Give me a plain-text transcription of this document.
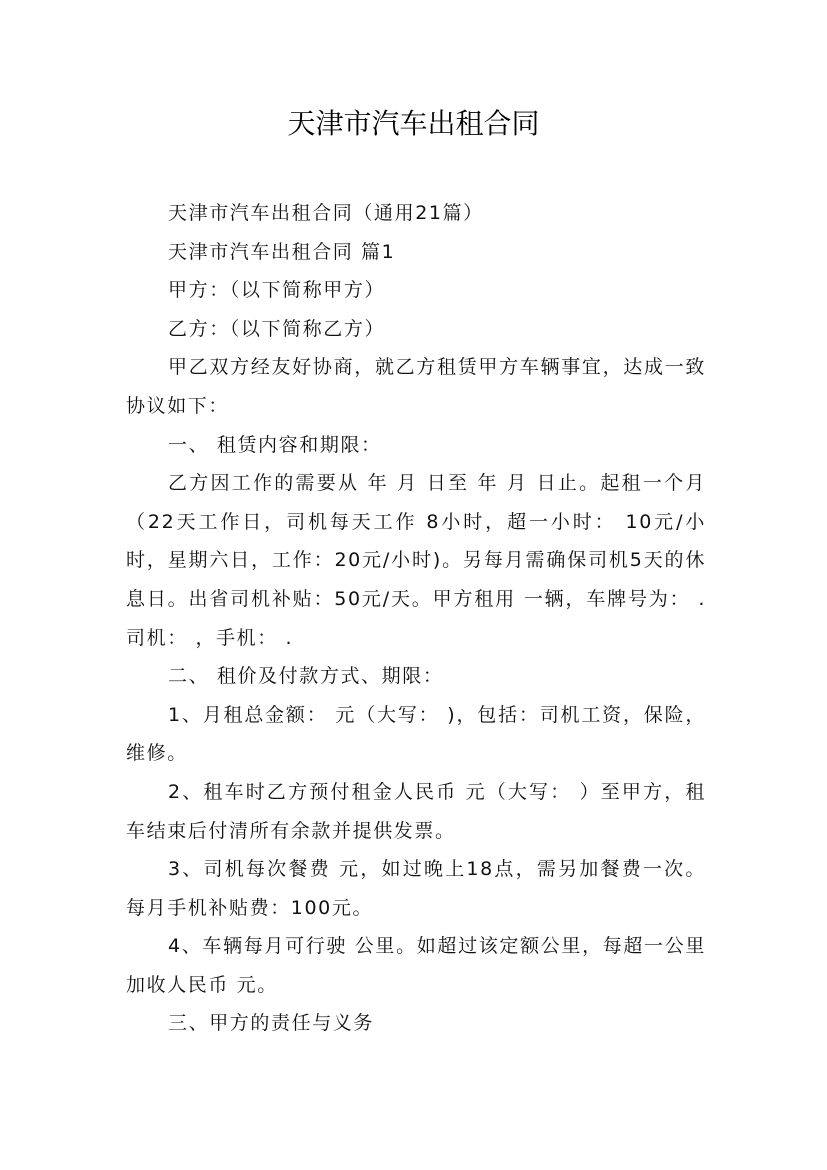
天津市汽车出租合同

天津市汽车出租合同（通用21篇）

天津市汽车出租合同 篇1

甲方：（以下简称甲方）

乙方：（以下简称乙方）

甲乙双方经友好协商，就乙方租赁甲方车辆事宜，达成一致协议如下：

一、 租赁内容和期限：

乙方因工作的需要从 年 月 日至 年 月 日止。起租一个月（22天工作日，司机每天工作 8小时，超一小时： 10元/小时，星期六日，工作：20元/小时)。另每月需确保司机5天的休息日。出省司机补贴：50元/天。甲方租用 一辆，车牌号为： .司机： ，手机： .

二、 租价及付款方式、期限：

1、月租总金额： 元（大写： )，包括：司机工资，保险，维修。

2、租车时乙方预付租金人民币 元（大写： ）至甲方，租车结束后付清所有余款并提供发票。

3、司机每次餐费 元，如过晚上18点，需另加餐费一次。每月手机补贴费：100元。

4、车辆每月可行驶 公里。如超过该定额公里，每超一公里加收人民币 元。

三、甲方的责任与义务
